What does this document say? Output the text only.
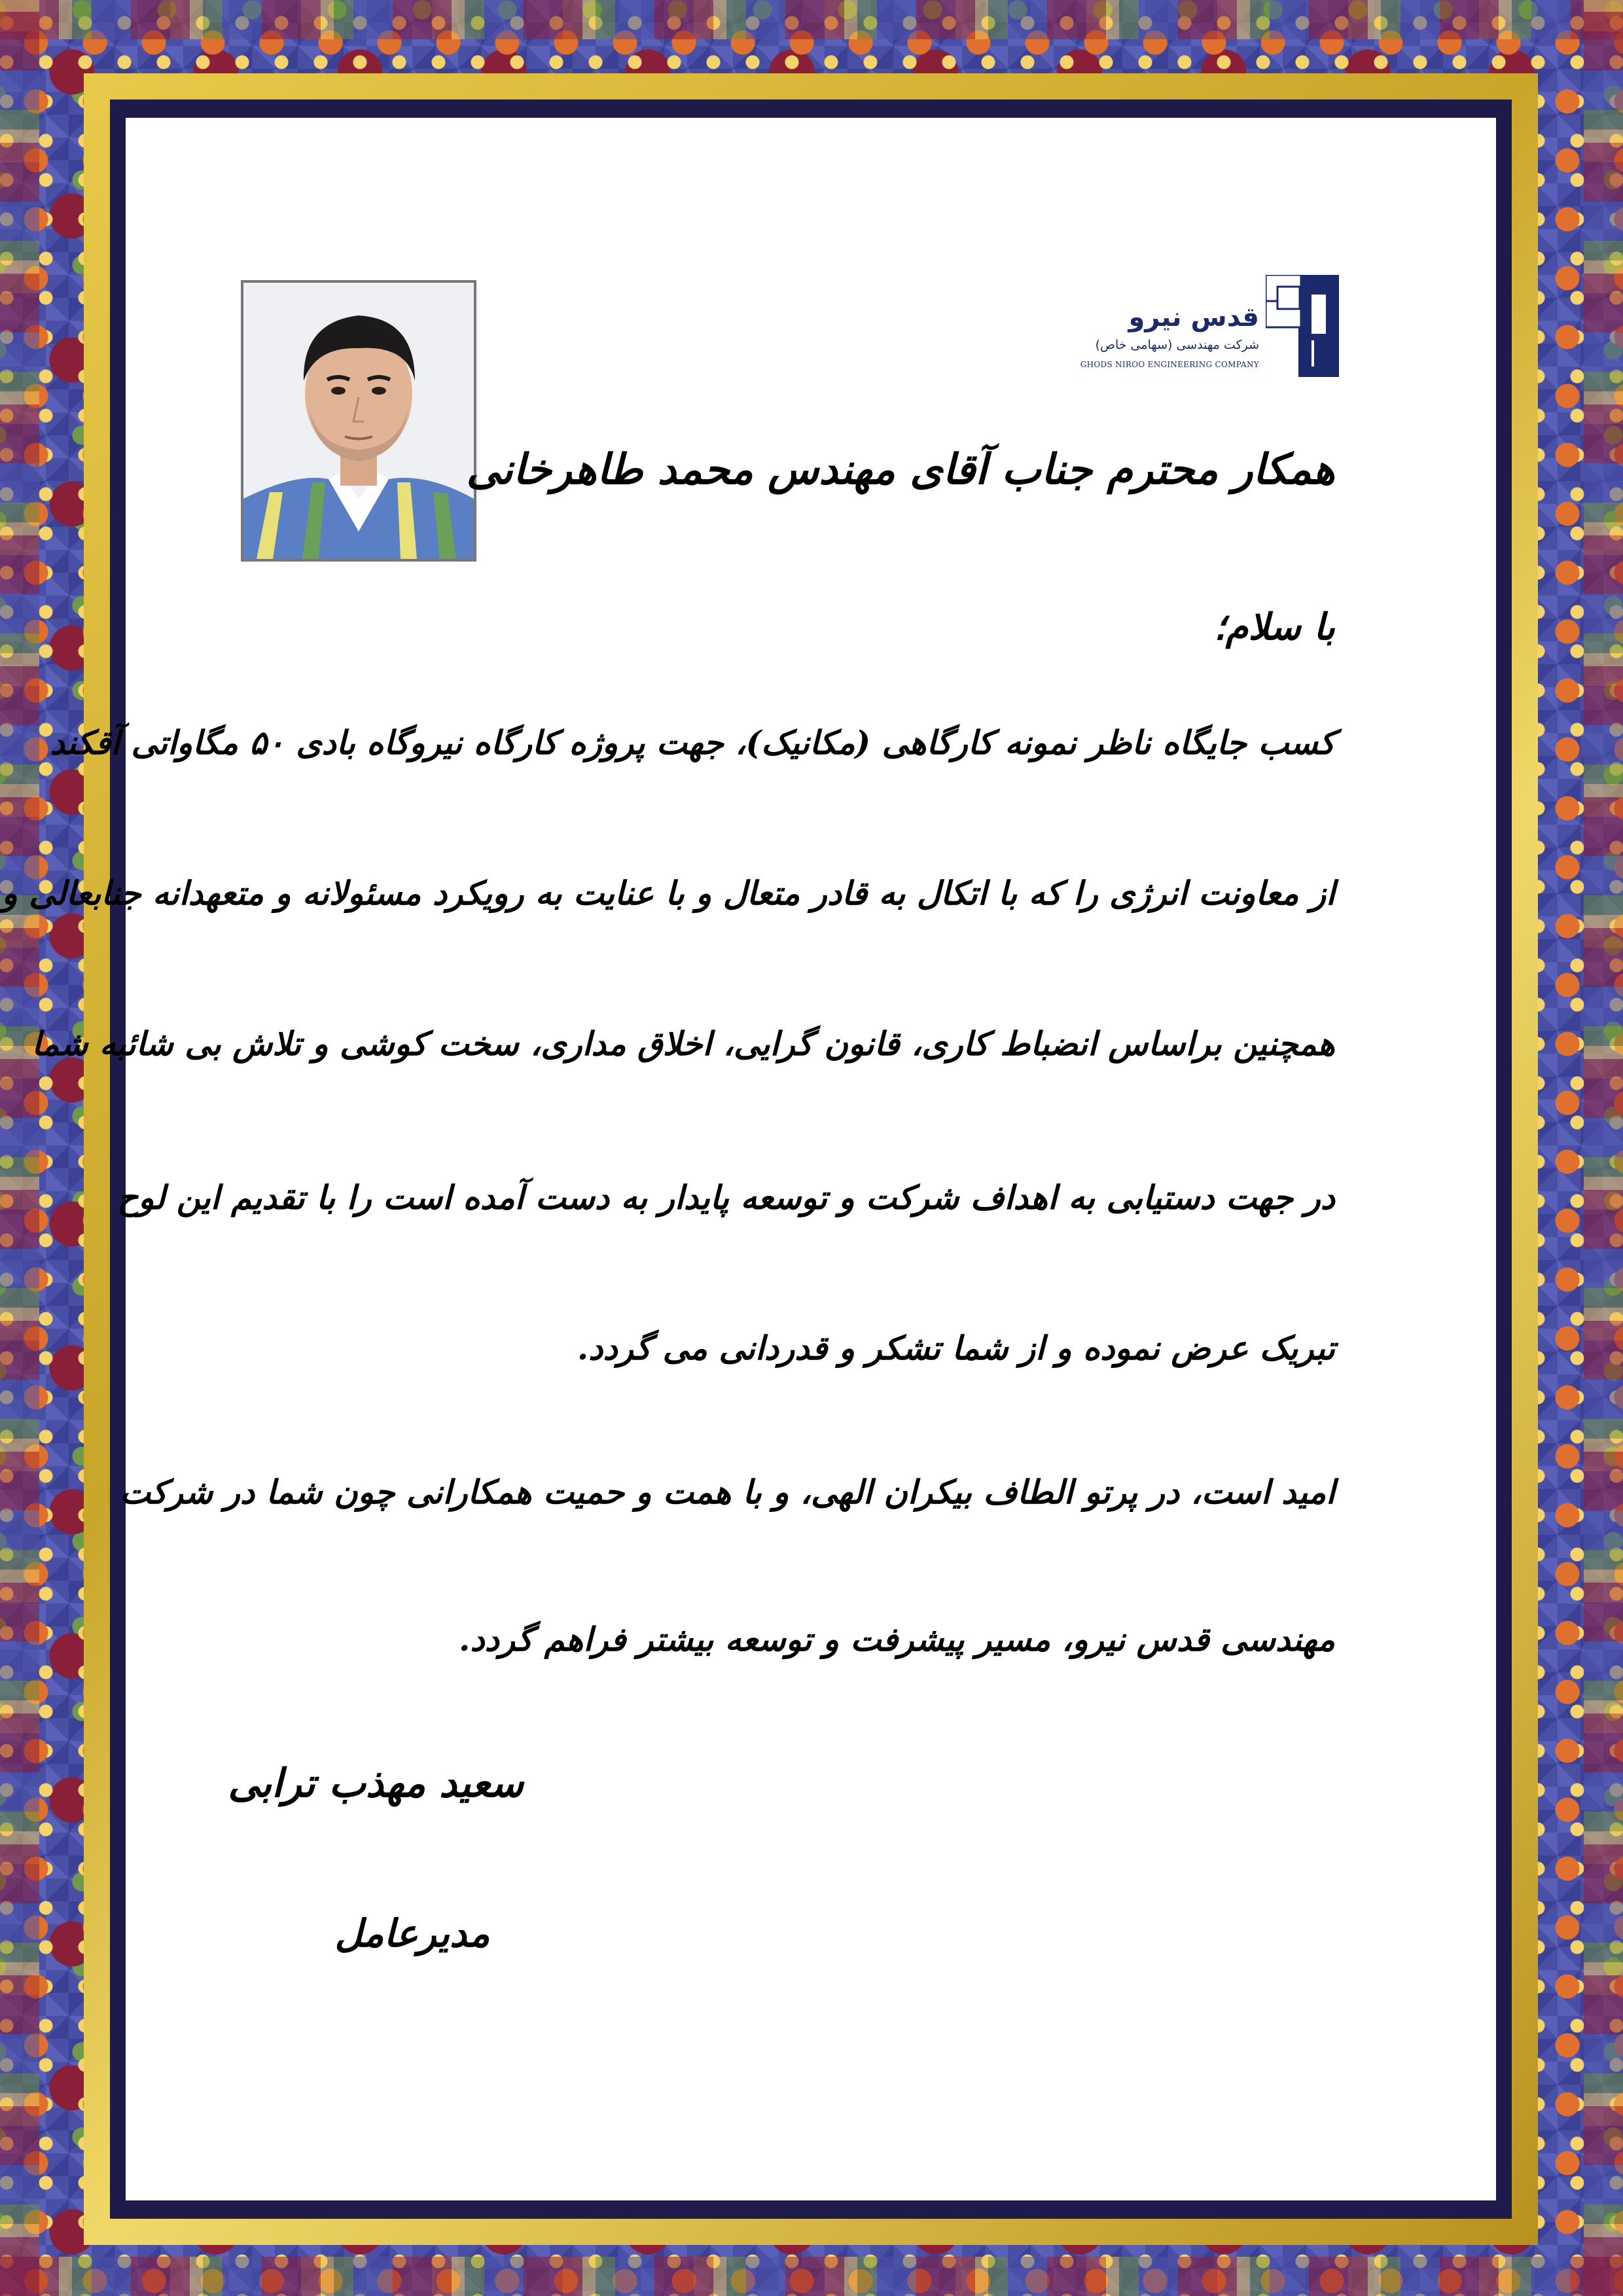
قدس نیرو
شرکت مهندسی (سهامی خاص)
GHODS NIROO ENGINEERING COMPANY
همکار محترم جناب آقای مهندس محمد طاهرخانی
با سلام؛
کسب جایگاه ناظر نمونه کارگاهی (مکانیک)، جهت پروژه کارگاه نیروگاه بادی ۵۰ مگاواتی آقکند
از معاونت انرژی را که با اتکال به قادر متعال و با عنایت به رویکرد مسئولانه و متعهدانه جنابعالی و
همچنین براساس انضباط کاری، قانون گرایی، اخلاق مداری، سخت کوشی و تلاش بی شائبه شما
در جهت دستیابی به اهداف شرکت و توسعه پایدار به دست آمده است را با تقدیم این لوح
تبریک عرض نموده و از شما تشکر و قدردانی می گردد.
امید است، در پرتو الطاف بیکران الهی، و با همت و حمیت همکارانی چون شما در شرکت
مهندسی قدس نیرو، مسیر پیشرفت و توسعه بیشتر فراهم گردد.
سعید مهذب ترابی
مدیرعامل
